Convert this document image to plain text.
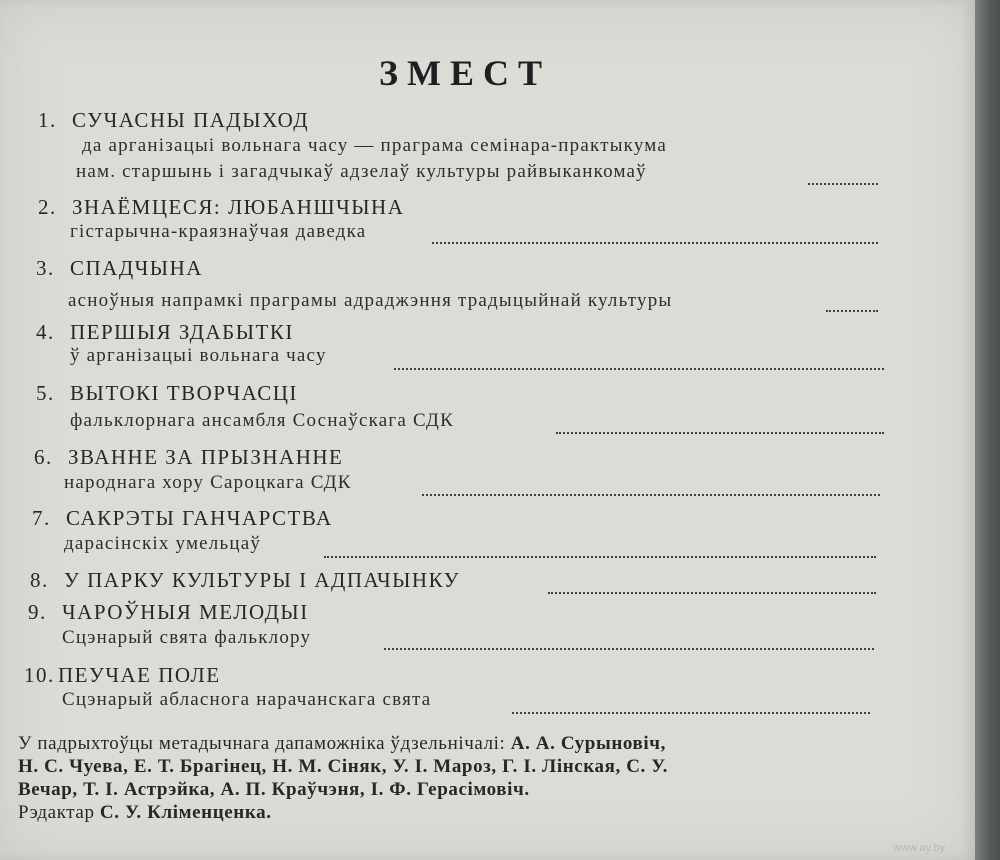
ЗМЕСТ
1. СУЧАСНЫ ПАДЫХОД
да арганізацыі вольнага часу — праграма семінара-практыкума
нам. старшынь і загадчыкаў адзелаў культуры райвыканкомаў
2. ЗНАЁМЦЕСЯ: ЛЮБАНШЧЫНА
гістарычна-краязнаўчая даведка
3. СПАДЧЫНА
асноўныя напрамкі праграмы адраджэння традыцыйнай культуры
4. ПЕРШЫЯ ЗДАБЫТКІ
ў арганізацыі вольнага часу
5. ВЫТОКІ ТВОРЧАСЦІ
фальклорнага ансамбля Соснаўскага СДК
6. ЗВАННЕ ЗА ПРЫЗНАННЕ
народнага хору Сароцкага СДК
7. САКРЭТЫ ГАНЧАРСТВА
дарасінскіх умельцаў
8. У ПАРКУ КУЛЬТУРЫ І АДПАЧЫНКУ
9. ЧАРОЎНЫЯ МЕЛОДЫІ
Сцэнарый свята фальклору
10. ПЕУЧАЕ ПОЛЕ
Сцэнарый абласнога нарачанскага свята
У падрыхтоўцы метадычнага дапаможніка ўдзельнічалі: А. А. Сурыновіч,
Н. С. Чуева, Е. Т. Брагінец, Н. М. Сіняк, У. І. Мароз, Г. І. Лінская, С. У.
Вечар, Т. І. Астрэйка, А. П. Краўчэня, І. Ф. Герасімовіч.
Рэдактар С. У. Кліменценка.
www.ay.by
